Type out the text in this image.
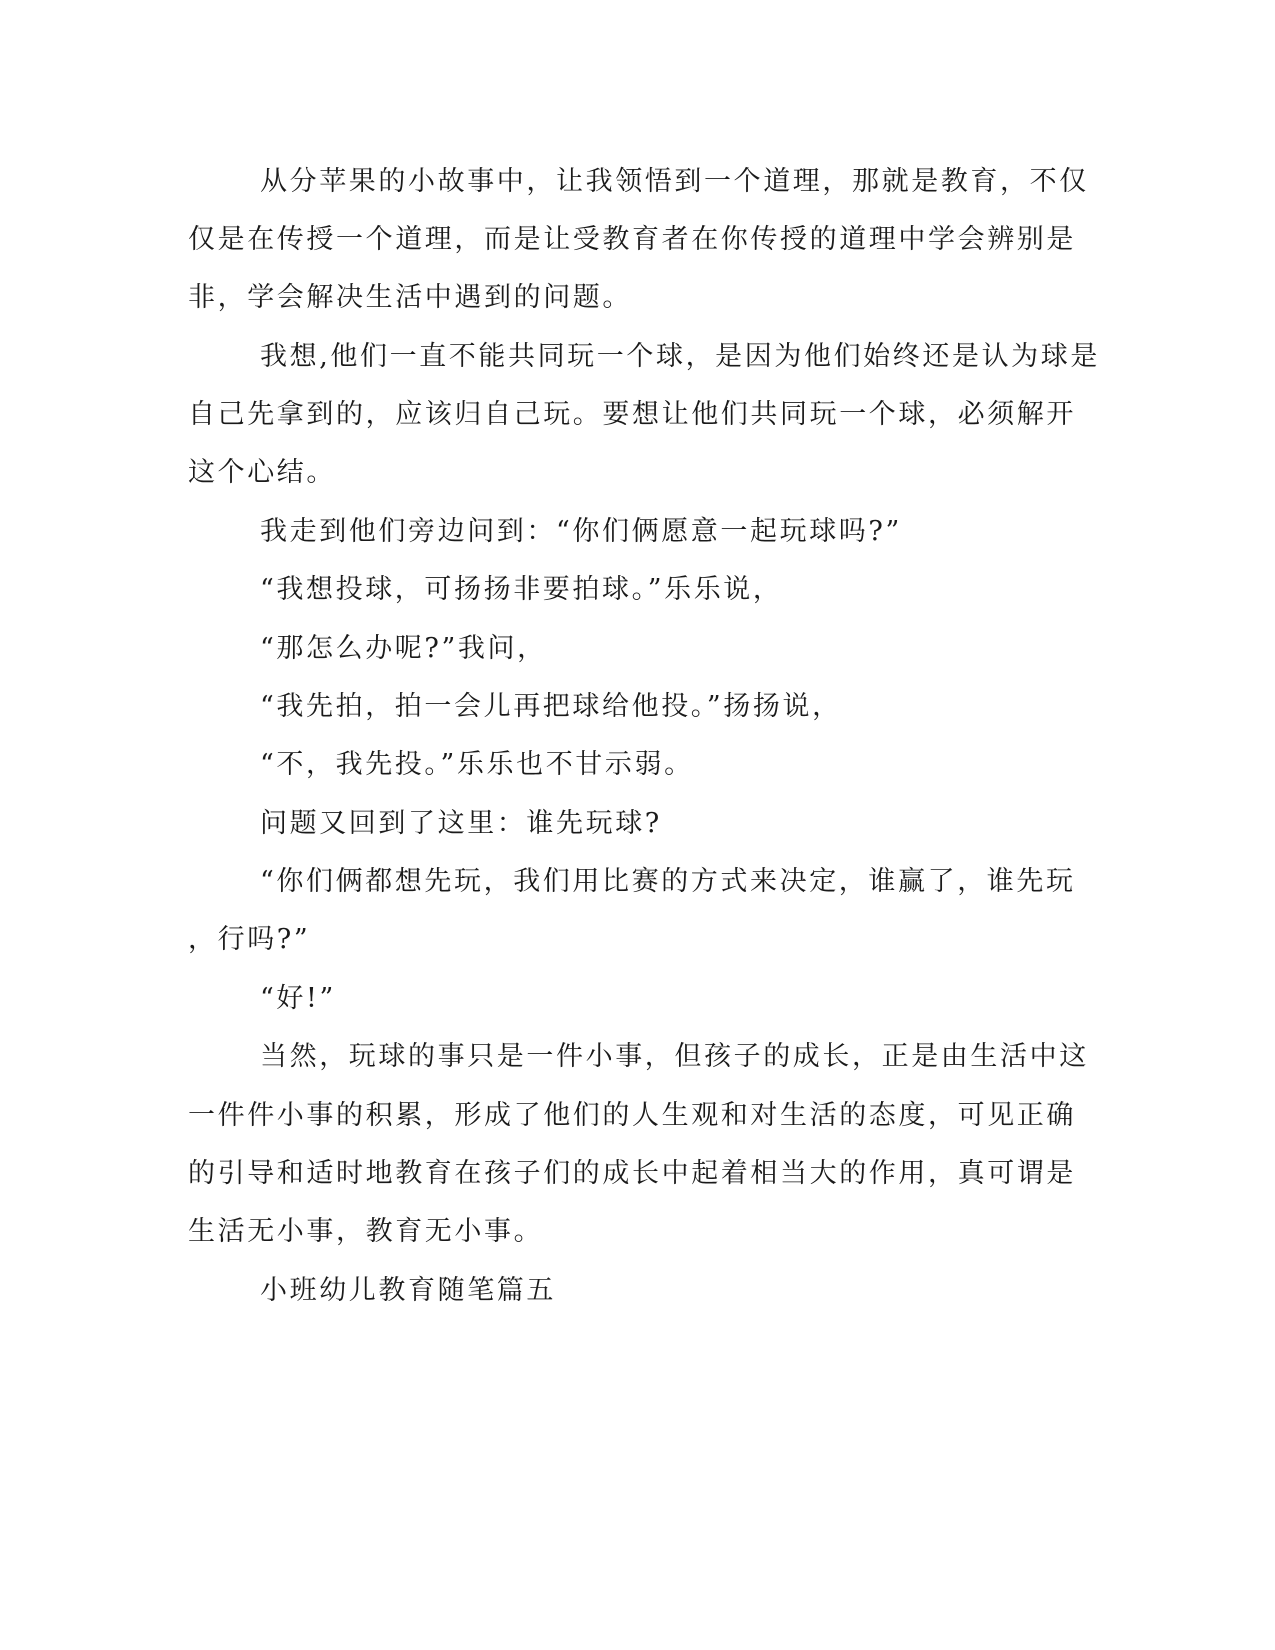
从分苹果的小故事中，让我领悟到一个道理，那就是教育，不仅
仅是在传授一个道理，而是让受教育者在你传授的道理中学会辨别是
非，学会解决生活中遇到的问题。
我想,他们一直不能共同玩一个球，是因为他们始终还是认为球是
自己先拿到的，应该归自己玩。要想让他们共同玩一个球，必须解开
这个心结。
我走到他们旁边问到：“你们俩愿意一起玩球吗?”
“我想投球，可扬扬非要拍球。”乐乐说，
“那怎么办呢?”我问，
“我先拍，拍一会儿再把球给他投。”扬扬说，
“不，我先投。”乐乐也不甘示弱。
问题又回到了这里：谁先玩球?
“你们俩都想先玩，我们用比赛的方式来决定，谁赢了，谁先玩
，行吗?”
“好!”
当然，玩球的事只是一件小事，但孩子的成长，正是由生活中这
一件件小事的积累，形成了他们的人生观和对生活的态度，可见正确
的引导和适时地教育在孩子们的成长中起着相当大的作用，真可谓是
生活无小事，教育无小事。
小班幼儿教育随笔篇五
